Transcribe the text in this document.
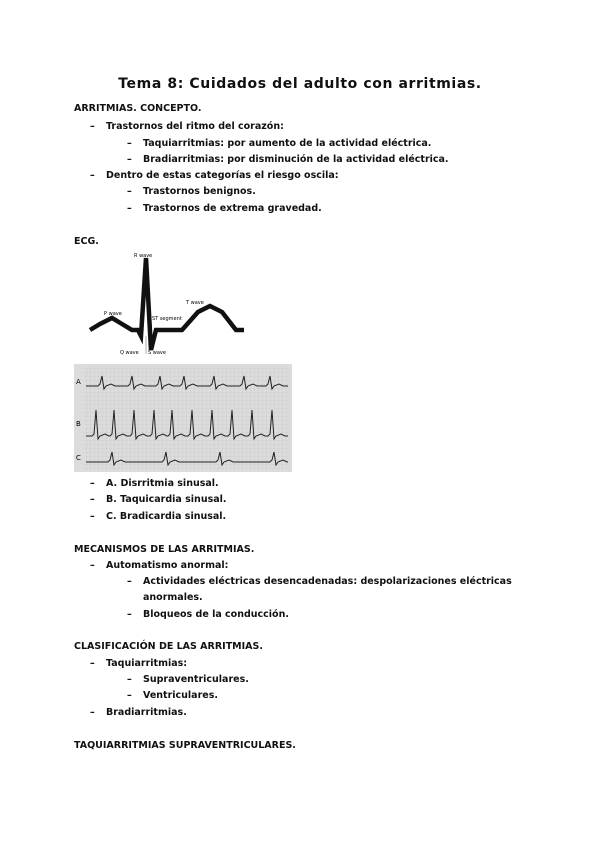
Tema 8: Cuidados del adulto con arritmias.
ARRITMIAS. CONCEPTO.
– Trastornos del ritmo del corazón:
– Taquiarritmias: por aumento de la actividad eléctrica.
– Bradiarritmias: por disminución de la actividad eléctrica.
– Dentro de estas categorías el riesgo oscila:
– Trastornos benignos.
– Trastornos de extrema gravedad.
ECG.
P wave
R wave
T wave
ST segment
Q wave S wave
A
B
C
– A. Disrritmia sinusal.
– B. Taquicardia sinusal.
– C. Bradicardia sinusal.
MECANISMOS DE LAS ARRITMIAS.
– Automatismo anormal:
– Actividades eléctricas desencadenadas: despolarizaciones eléctricas
anormales.
– Bloqueos de la conducción.
CLASIFICACIÓN DE LAS ARRITMIAS.
– Taquiarritmias:
– Supraventriculares.
– Ventriculares.
– Bradiarritmias.
TAQUIARRITMIAS SUPRAVENTRICULARES.
